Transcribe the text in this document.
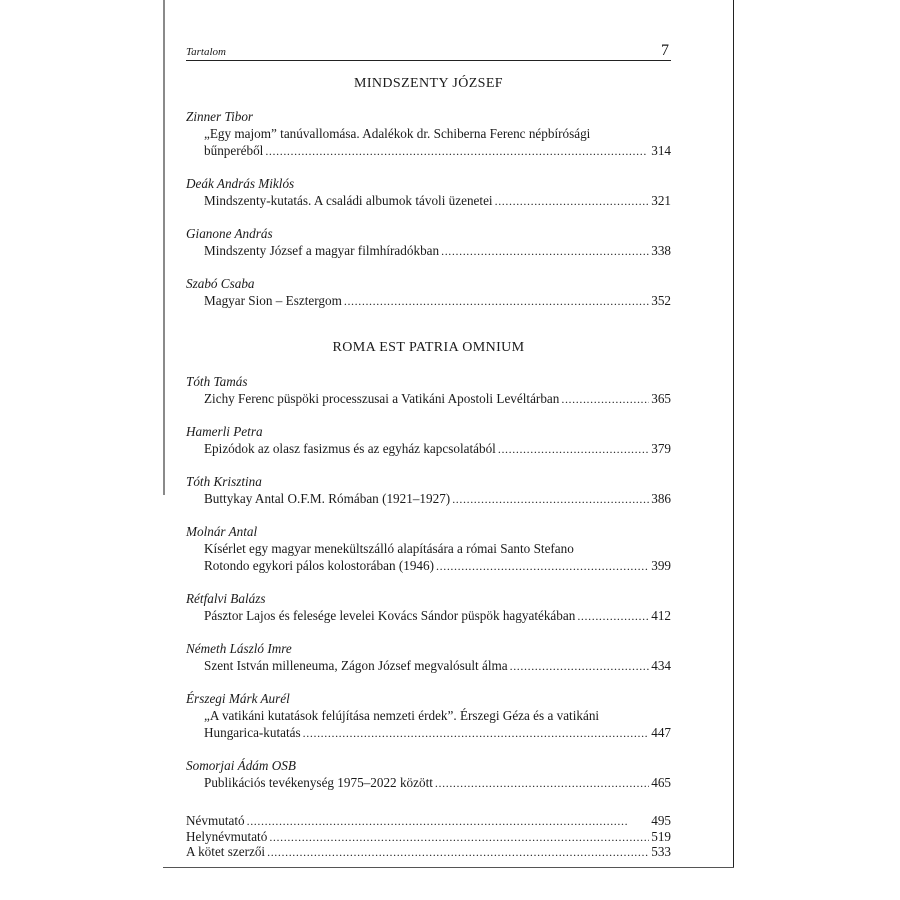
Tartalom	7
MINDSZENTY JÓZSEF
Zinner Tibor
„Egy majom” tanúvallomása. Adalékok dr. Schiberna Ferenc népbírósági
bűnperéből . . .	314
Deák András Miklós
Mindszenty-kutatás. A családi albumok távoli üzenetei . . .	321
Gianone András
Mindszenty József a magyar filmhíradókban . . .	338
Szabó Csaba
Magyar Sion – Esztergom . . .	352
ROMA EST PATRIA OMNIUM
Tóth Tamás
Zichy Ferenc püspöki processzusai a Vatikáni Apostoli Levéltárban . . .	365
Hamerli Petra
Epizódok az olasz fasizmus és az egyház kapcsolatából . . .	379
Tóth Krisztina
Buttykay Antal O.F.M. Rómában (1921–1927) . . .	386
Molnár Antal
Kísérlet egy magyar menekültszálló alapítására a római Santo Stefano
Rotondo egykori pálos kolostorában (1946) . . .	399
Rétfalvi Balázs
Pásztor Lajos és felesége levelei Kovács Sándor püspök hagyatékában . . .	412
Németh László Imre
Szent István milleneuma, Zágon József megvalósult álma . . .	434
Érszegi Márk Aurél
„A vatikáni kutatások felújítása nemzeti érdek”. Érszegi Géza és a vatikáni
Hungarica-kutatás . . .	447
Somorjai Ádám OSB
Publikációs tevékenység 1975–2022 között . . .	465
Névmutató . . .	495
Helynévmutató . . .	519
A kötet szerzői . . .	533
